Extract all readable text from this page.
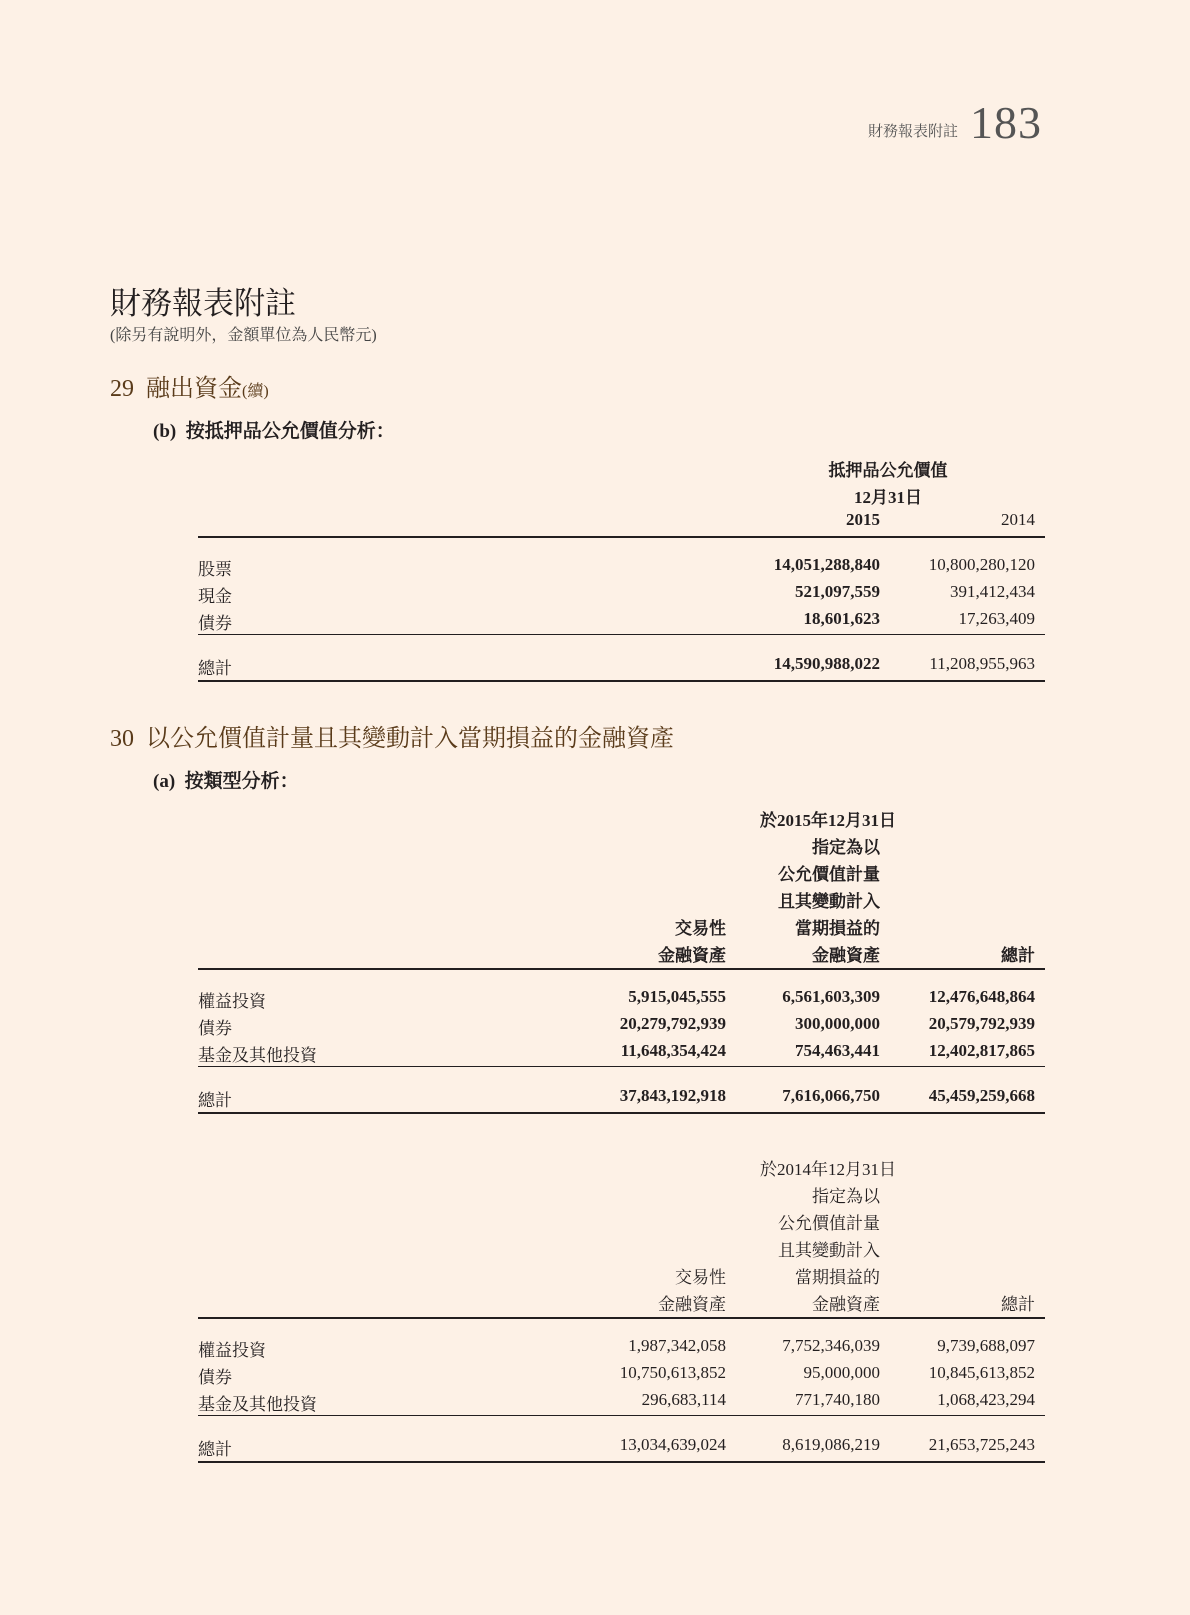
財務報表附註 183
財務報表附註
(除另有說明外，金額單位為人民幣元)
29 融出資金(續)
(b) 按抵押品公允價值分析：
抵押品公允價值
12月31日
2015	2014
股票	14,051,288,840	10,800,280,120
現金	521,097,559	391,412,434
債券	18,601,623	17,263,409
總計	14,590,988,022	11,208,955,963
30 以公允價值計量且其變動計入當期損益的金融資產
(a) 按類型分析：
於2015年12月31日
指定為以
公允價值計量
且其變動計入
當期損益的
金融資產
交易性
金融資產	總計
權益投資	5,915,045,555	6,561,603,309	12,476,648,864
債券	20,279,792,939	300,000,000	20,579,792,939
基金及其他投資	11,648,354,424	754,463,441	12,402,817,865
總計	37,843,192,918	7,616,066,750	45,459,259,668
於2014年12月31日
指定為以
公允價值計量
且其變動計入
當期損益的
金融資產
交易性
金融資產	總計
權益投資	1,987,342,058	7,752,346,039	9,739,688,097
債券	10,750,613,852	95,000,000	10,845,613,852
基金及其他投資	296,683,114	771,740,180	1,068,423,294
總計	13,034,639,024	8,619,086,219	21,653,725,243
